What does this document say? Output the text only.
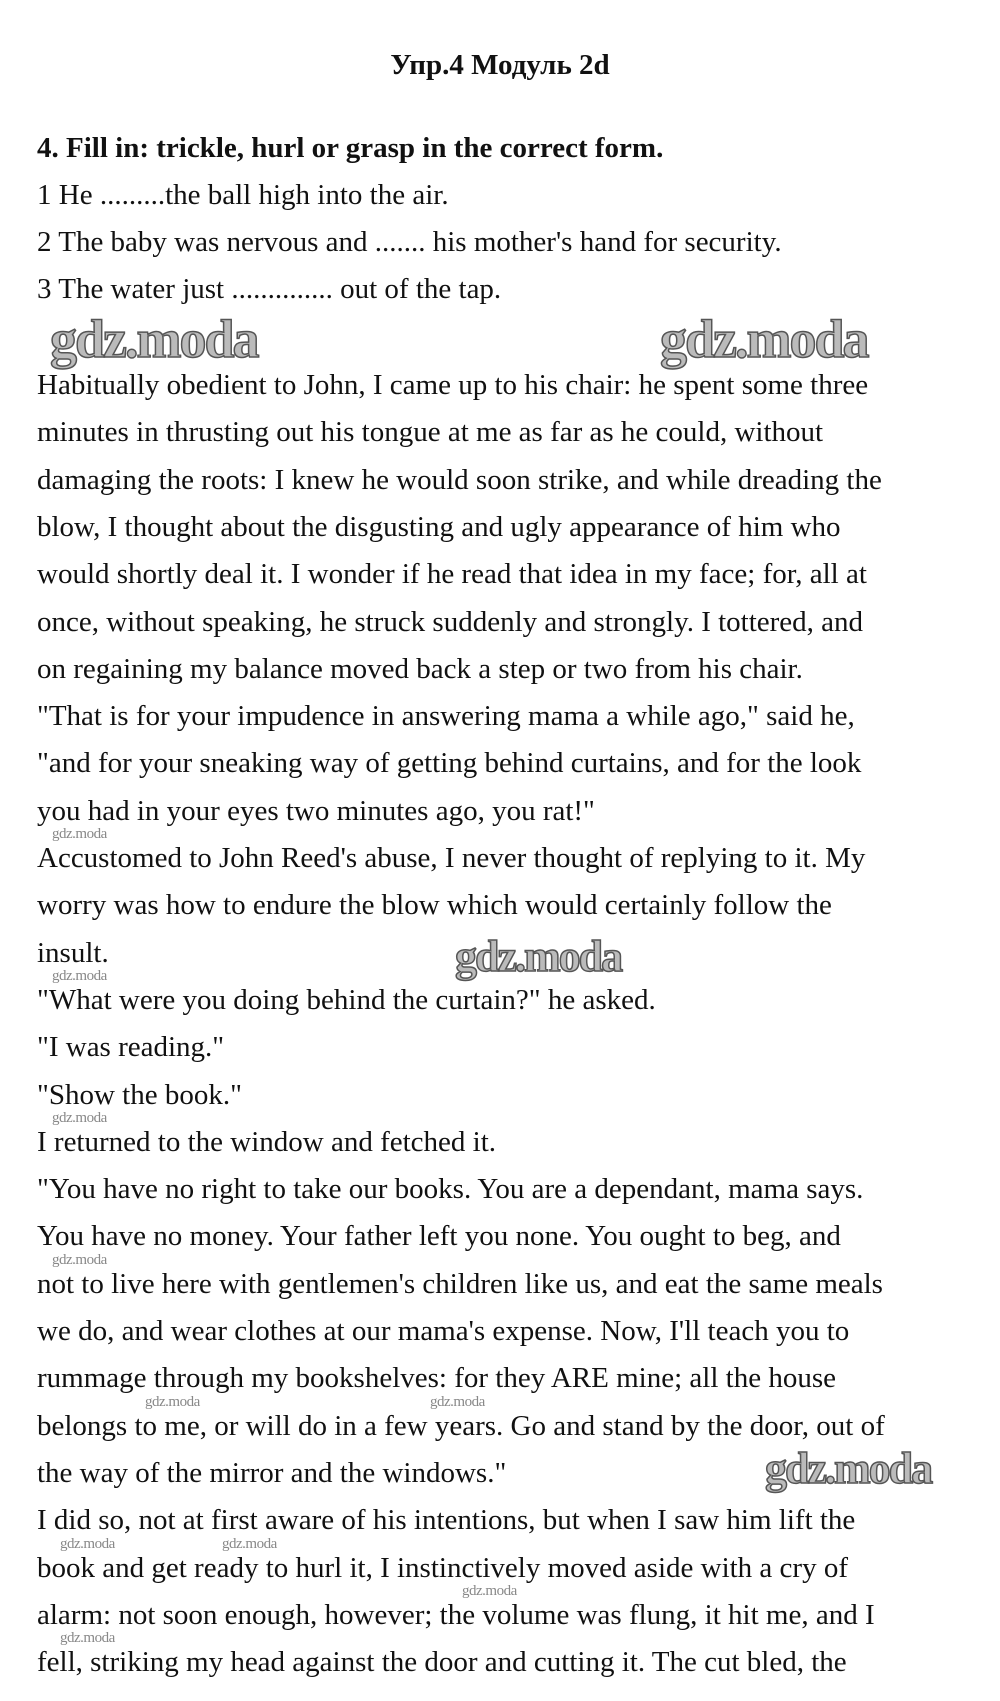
Упр.4 Модуль 2d
4. Fill in: trickle, hurl or grasp in the correct form.
1 He .........the ball high into the air.
2 The baby was nervous and ....... his mother's hand for security.
3 The water just .............. out of the tap.
Habitually obedient to John, I came up to his chair: he spent some three
minutes in thrusting out his tongue at me as far as he could, without
damaging the roots: I knew he would soon strike, and while dreading the
blow, I thought about the disgusting and ugly appearance of him who
would shortly deal it. I wonder if he read that idea in my face; for, all at
once, without speaking, he struck suddenly and strongly. I tottered, and
on regaining my balance moved back a step or two from his chair.
"That is for your impudence in answering mama a while ago," said he,
"and for your sneaking way of getting behind curtains, and for the look
you had in your eyes two minutes ago, you rat!"
Accustomed to John Reed's abuse, I never thought of replying to it. My
worry was how to endure the blow which would certainly follow the
insult.
"What were you doing behind the curtain?" he asked.
"I was reading."
"Show the book."
I returned to the window and fetched it.
"You have no right to take our books. You are a dependant, mama says.
You have no money. Your father left you none. You ought to beg, and
not to live here with gentlemen's children like us, and eat the same meals
we do, and wear clothes at our mama's expense. Now, I'll teach you to
rummage through my bookshelves: for they ARE mine; all the house
belongs to me, or will do in a few years. Go and stand by the door, out of
the way of the mirror and the windows."
I did so, not at first aware of his intentions, but when I saw him lift the
book and get ready to hurl it, I instinctively moved aside with a cry of
alarm: not soon enough, however; the volume was flung, it hit me, and I
fell, striking my head against the door and cutting it. The cut bled, the
gdz.moda	gdz.moda
gdz.moda
gdz.moda
gdz.moda
gdz.moda
gdz.moda
gdz.moda
gdz.moda	gdz.moda
gdz.moda	gdz.moda
gdz.moda
gdz.moda
